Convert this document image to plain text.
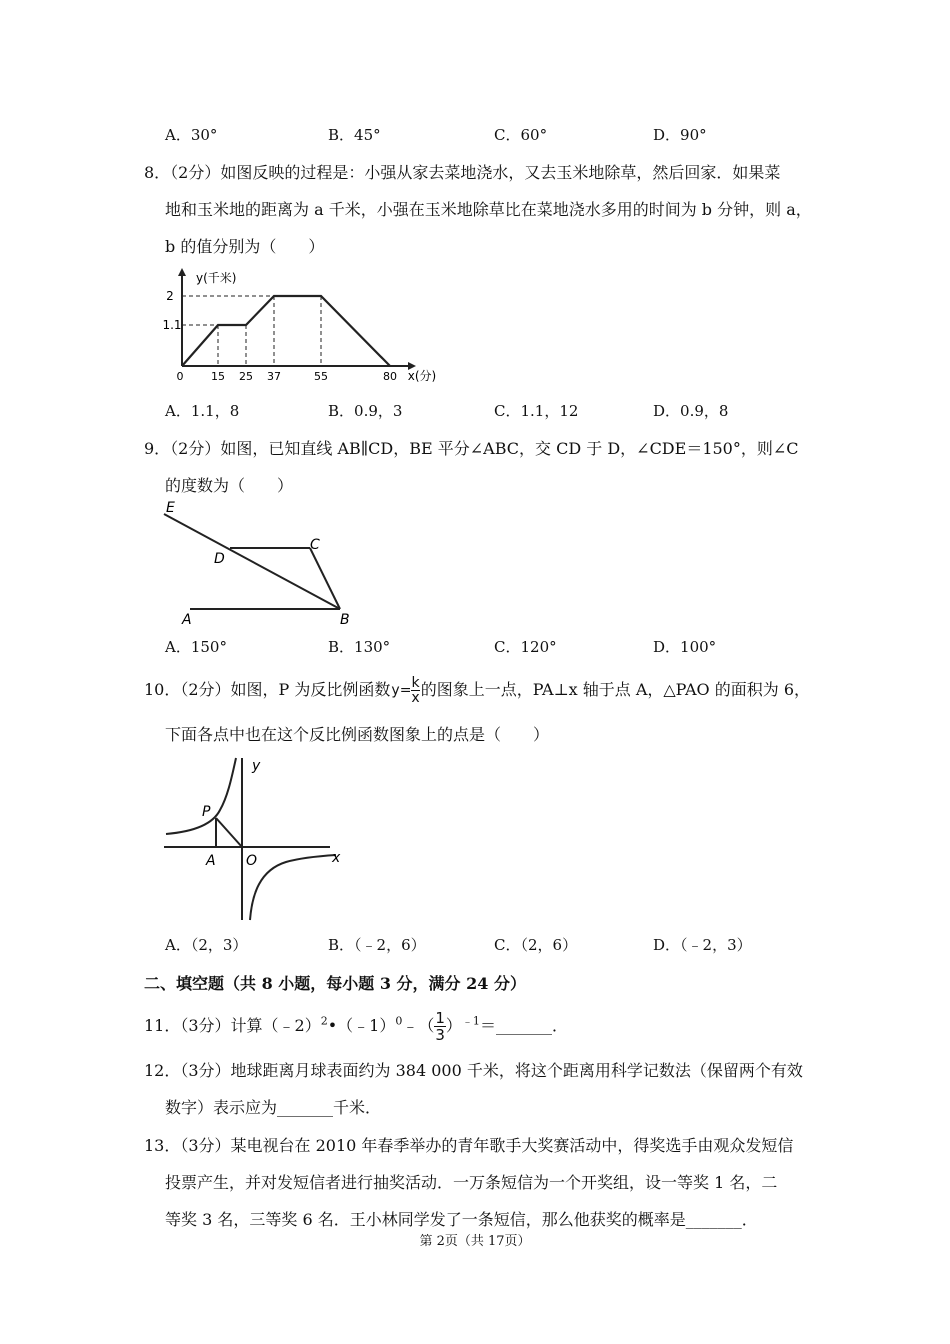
A．30°	B．45°	C．60°	D．90°
8．（2分）如图反映的过程是：小强从家去菜地浇水，又去玉米地除草，然后回家．如果菜
地和玉米地的距离为 a 千米，小强在玉米地除草比在菜地浇水多用的时间为 b 分钟，则 a，
b 的值分别为（　　）
y(千米)
2
1.1
0	15 25 37	55	80 x(分)
A．1.1，8	B．0.9，3	C．1.1，12	D．0.9，8
9．（2分）如图，已知直线 AB∥CD，BE 平分∠ABC，交 CD 于 D，∠CDE＝150°，则∠C
的度数为（　　）
E
D
C
A	B
A．150°	B．130°	C．120°	D．100°
10．（2分）如图，P 为反比例函数$y= \frac{k}{x}$ 的图象上一点，PA⊥x 轴于点 A，△PAO 的面积为 6，
下面各点中也在这个反比例函数图象上的点是（　　）
y
P
A O	x
A．（2，3）	B．（﹣2，6）	C．（2，6）	D．（﹣2，3）
二、填空题（共 8 小题，每小题 3 分，满分 24 分）
11．（3分）计算（﹣2）$^2$•（﹣1）$^0$﹣（ $\frac{1}{3}$ ）$^{﹣1}$＝_______．
12．（3分）地球距离月球表面约为 384 000 千米，将这个距离用科学记数法（保留两个有效
数字）表示应为_______千米．
13．（3分）某电视台在 2010 年春季举办的青年歌手大奖赛活动中，得奖选手由观众发短信
投票产生，并对发短信者进行抽奖活动．一万条短信为一个开奖组，设一等奖 1 名，二
等奖 3 名，三等奖 6 名．王小林同学发了一条短信，那么他获奖的概率是_______．
第 2页（共 17页）
